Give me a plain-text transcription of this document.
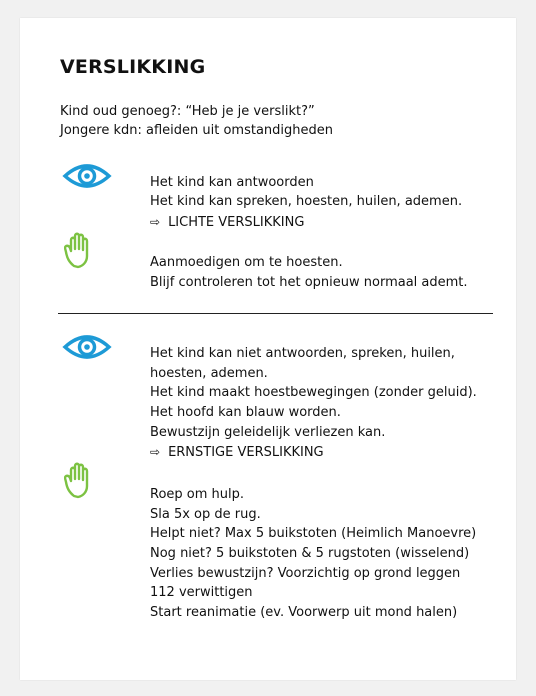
VERSLIKKING
Kind oud genoeg?: “Heb je je verslikt?”
Jongere kdn: afleiden uit omstandigheden
Het kind kan antwoorden
Het kind kan spreken, hoesten, huilen, ademen.
⇨ LICHTE VERSLIKKING
Aanmoedigen om te hoesten.
Blijf controleren tot het opnieuw normaal ademt.
Het kind kan niet antwoorden, spreken, huilen,
hoesten, ademen.
Het kind maakt hoestbewegingen (zonder geluid).
Het hoofd kan blauw worden.
Bewustzijn geleidelijk verliezen kan.
⇨ ERNSTIGE VERSLIKKING
Roep om hulp.
Sla 5x op de rug.
Helpt niet? Max 5 buikstoten (Heimlich Manoevre)
Nog niet? 5 buikstoten & 5 rugstoten (wisselend)
Verlies bewustzijn? Voorzichtig op grond leggen
112 verwittigen
Start reanimatie (ev. Voorwerp uit mond halen)
